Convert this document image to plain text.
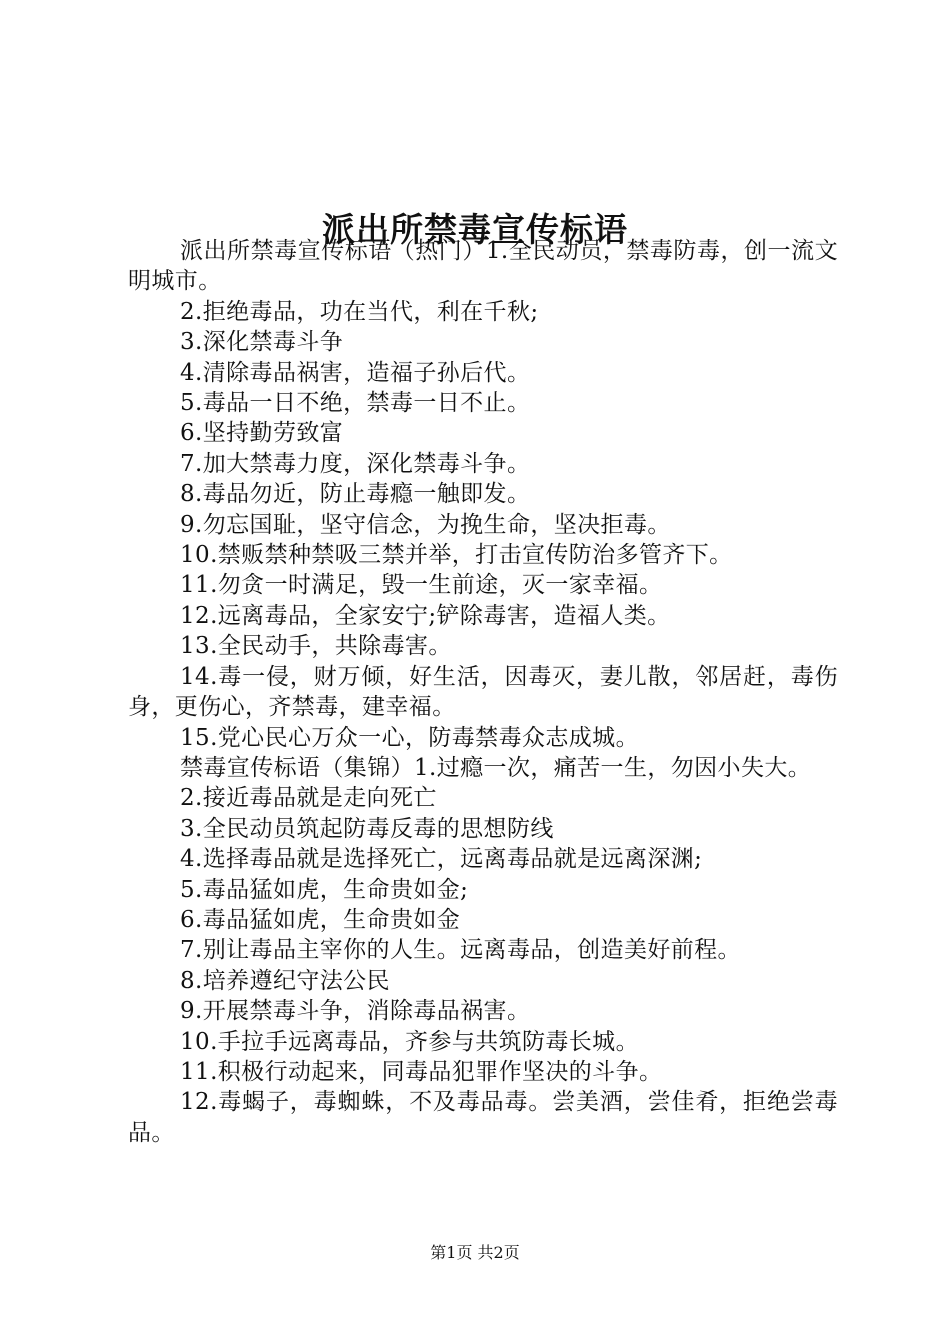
派出所禁毒宣传标语

派出所禁毒宣传标语（热门）1.全民动员，禁毒防毒，创一流文明城市。

2.拒绝毒品，功在当代，利在千秋;

3.深化禁毒斗争

4.清除毒品祸害，造福子孙后代。

5.毒品一日不绝，禁毒一日不止。

6.坚持勤劳致富

7.加大禁毒力度，深化禁毒斗争。

8.毒品勿近，防止毒瘾一触即发。

9.勿忘国耻，坚守信念，为挽生命，坚决拒毒。

10.禁贩禁种禁吸三禁并举，打击宣传防治多管齐下。

11.勿贪一时满足，毁一生前途，灭一家幸福。

12.远离毒品，全家安宁;铲除毒害，造福人类。

13.全民动手，共除毒害。

14.毒一侵，财万倾，好生活，因毒灭，妻儿散，邻居赶，毒伤身，更伤心，齐禁毒，建幸福。

15.党心民心万众一心，防毒禁毒众志成城。

禁毒宣传标语（集锦）1.过瘾一次，痛苦一生，勿因小失大。

2.接近毒品就是走向死亡

3.全民动员筑起防毒反毒的思想防线

4.选择毒品就是选择死亡，远离毒品就是远离深渊;

5.毒品猛如虎，生命贵如金;

6.毒品猛如虎，生命贵如金

7.别让毒品主宰你的人生。远离毒品，创造美好前程。

8.培养遵纪守法公民

9.开展禁毒斗争，消除毒品祸害。

10.手拉手远离毒品，齐参与共筑防毒长城。

11.积极行动起来，同毒品犯罪作坚决的斗争。

12.毒蝎子，毒蜘蛛，不及毒品毒。尝美酒，尝佳肴，拒绝尝毒品。

第1页 共2页
